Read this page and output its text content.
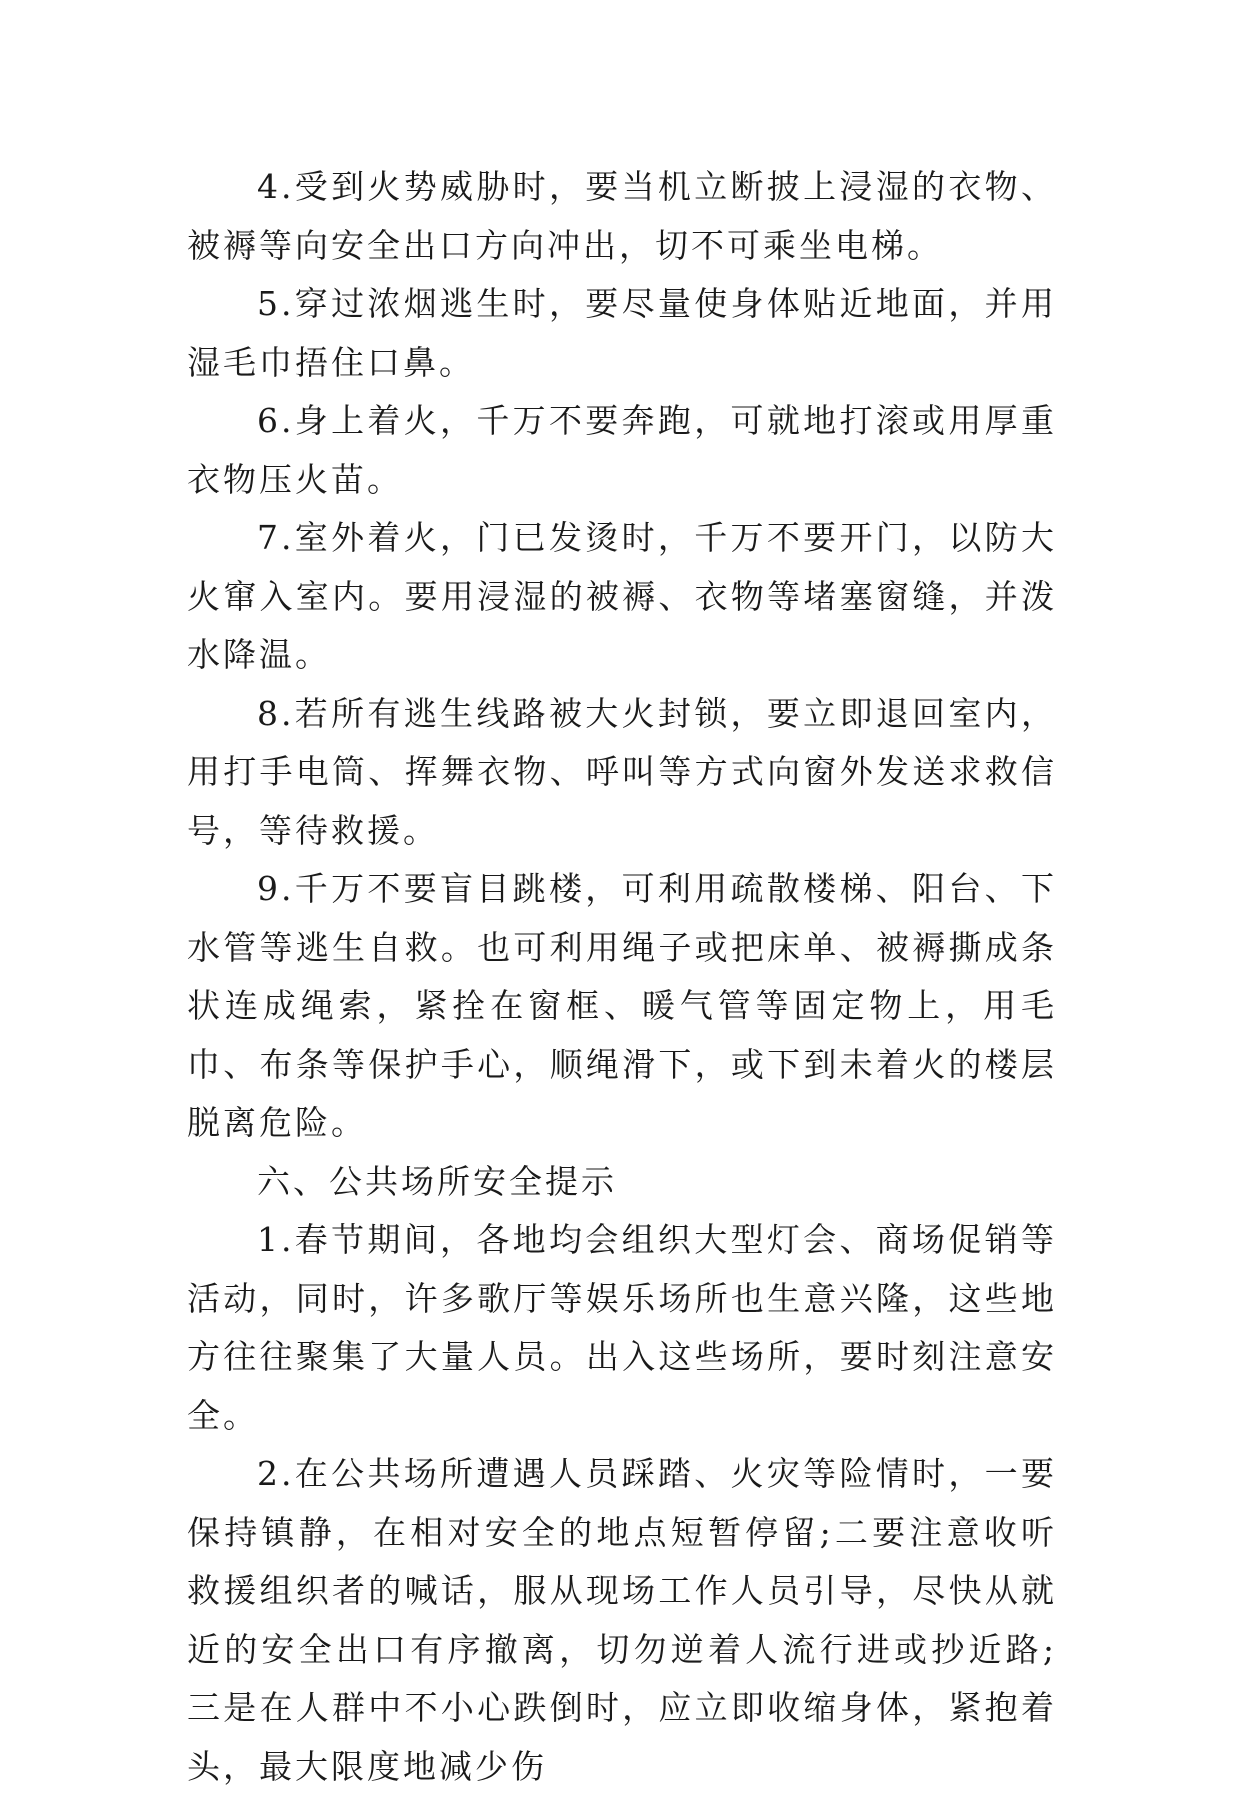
4.受到火势威胁时，要当机立断披上浸湿的衣物、被褥等向安全出口方向冲出，切不可乘坐电梯。

5.穿过浓烟逃生时，要尽量使身体贴近地面，并用湿毛巾捂住口鼻。

6.身上着火，千万不要奔跑，可就地打滚或用厚重衣物压火苗。

7.室外着火，门已发烫时，千万不要开门，以防大火窜入室内。要用浸湿的被褥、衣物等堵塞窗缝，并泼水降温。

8.若所有逃生线路被大火封锁，要立即退回室内，用打手电筒、挥舞衣物、呼叫等方式向窗外发送求救信号，等待救援。

9.千万不要盲目跳楼，可利用疏散楼梯、阳台、下水管等逃生自救。也可利用绳子或把床单、被褥撕成条状连成绳索，紧拴在窗框、暖气管等固定物上，用毛巾、布条等保护手心，顺绳滑下，或下到未着火的楼层脱离危险。

六、公共场所安全提示

1.春节期间，各地均会组织大型灯会、商场促销等活动，同时，许多歌厅等娱乐场所也生意兴隆，这些地方往往聚集了大量人员。出入这些场所，要时刻注意安全。

2.在公共场所遭遇人员踩踏、火灾等险情时，一要保持镇静，在相对安全的地点短暂停留;二要注意收听救援组织者的喊话，服从现场工作人员引导，尽快从就近的安全出口有序撤离，切勿逆着人流行进或抄近路;三是在人群中不小心跌倒时，应立即收缩身体，紧抱着头，最大限度地减少伤
